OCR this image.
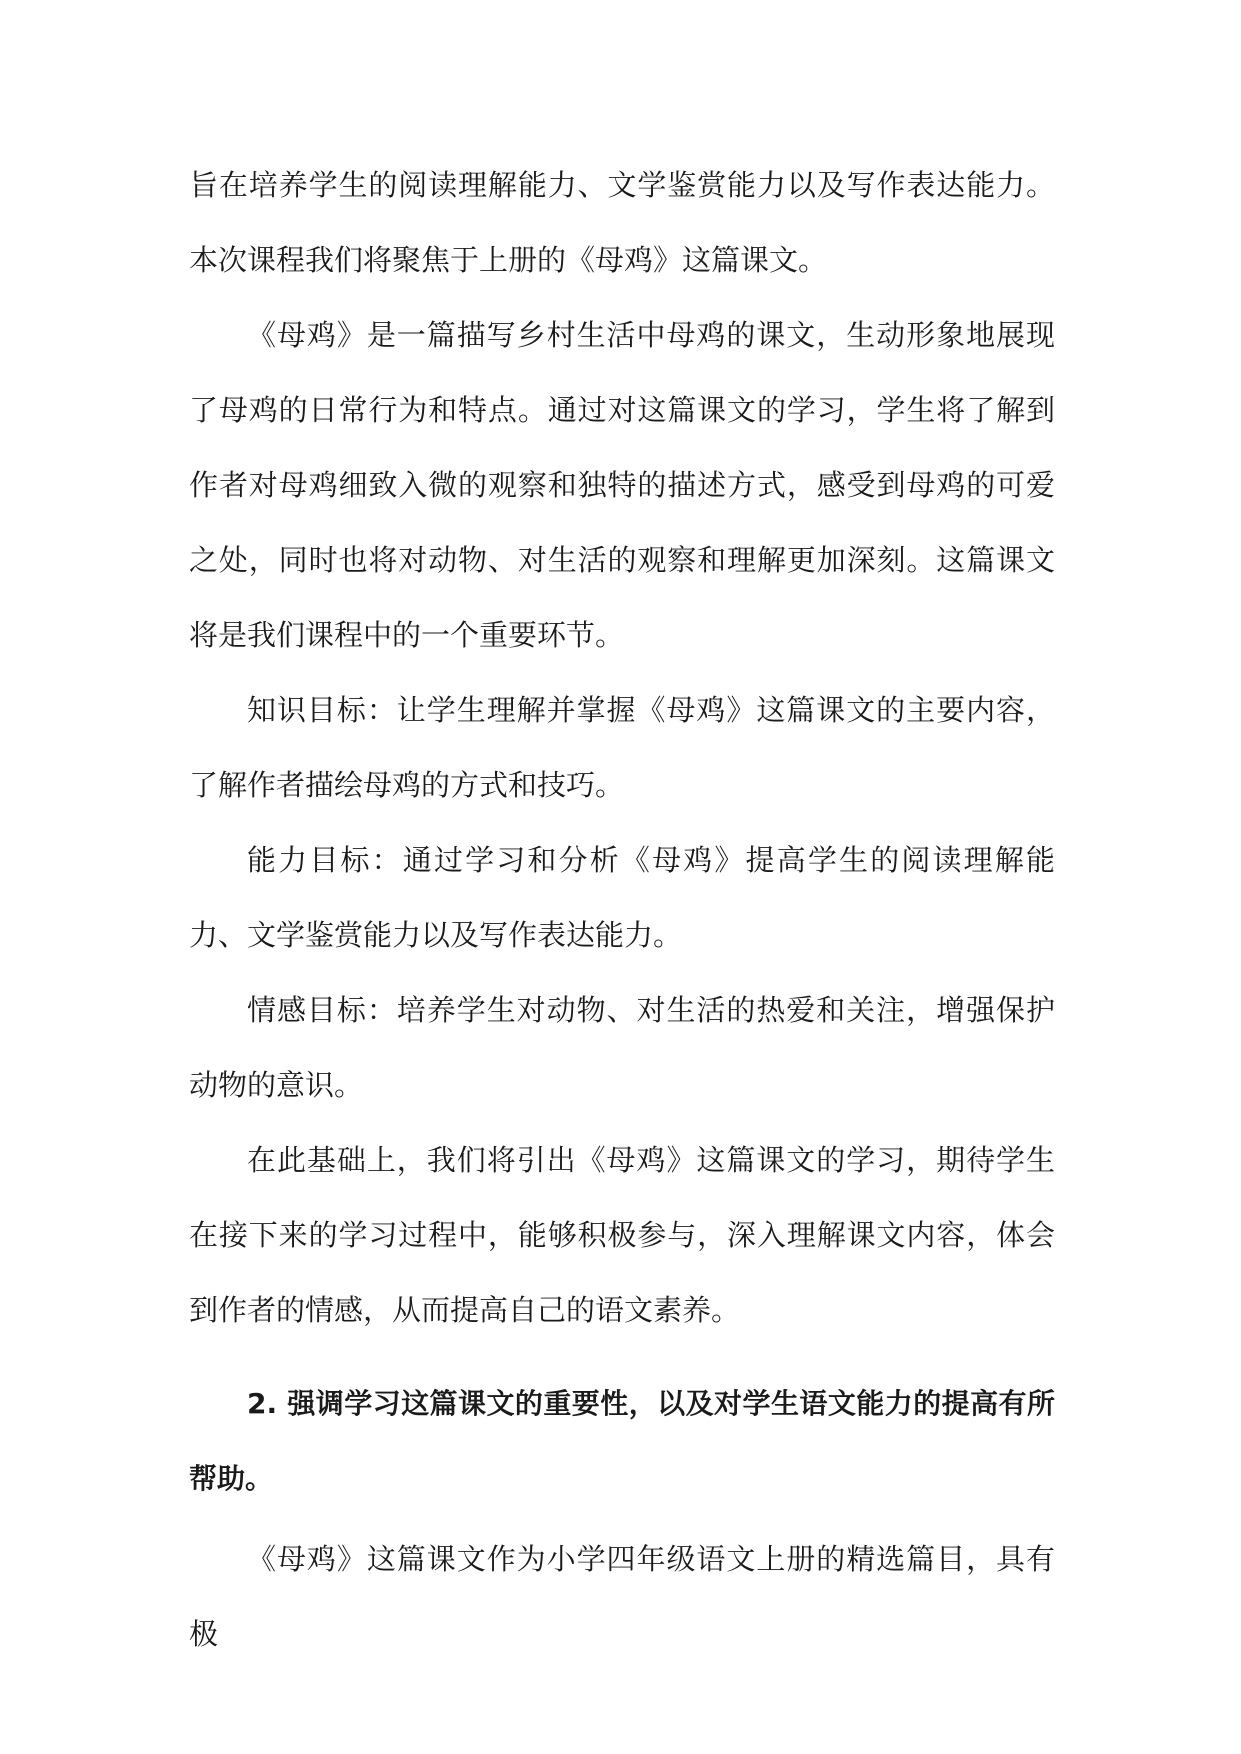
旨在培养学生的阅读理解能力、文学鉴赏能力以及写作表达能力。本次课程我们将聚焦于上册的《母鸡》这篇课文。

《母鸡》是一篇描写乡村生活中母鸡的课文，生动形象地展现了母鸡的日常行为和特点。通过对这篇课文的学习，学生将了解到作者对母鸡细致入微的观察和独特的描述方式，感受到母鸡的可爱之处，同时也将对动物、对生活的观察和理解更加深刻。这篇课文将是我们课程中的一个重要环节。

知识目标：让学生理解并掌握《母鸡》这篇课文的主要内容，了解作者描绘母鸡的方式和技巧。

能力目标：通过学习和分析《母鸡》提高学生的阅读理解能力、文学鉴赏能力以及写作表达能力。

情感目标：培养学生对动物、对生活的热爱和关注，增强保护动物的意识。

在此基础上，我们将引出《母鸡》这篇课文的学习，期待学生在接下来的学习过程中，能够积极参与，深入理解课文内容，体会到作者的情感，从而提高自己的语文素养。

2. 强调学习这篇课文的重要性，以及对学生语文能力的提高有所帮助。

《母鸡》这篇课文作为小学四年级语文上册的精选篇目，具有极
